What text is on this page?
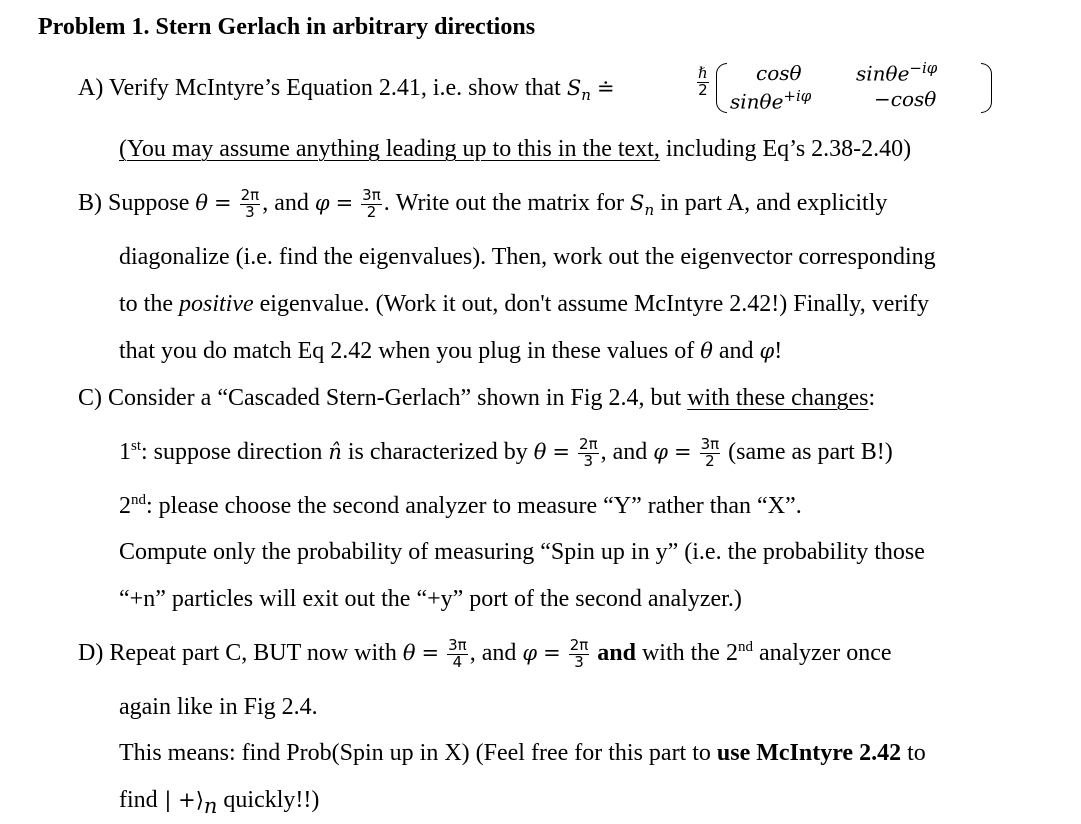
Problem 1. Stern Gerlach in arbitrary directions
A) Verify McIntyre’s Equation 2.41, i.e. show that $S_n$ ≐
ℏ
2
cosθ	sinθe$^{-i\varphi}$
sinθe$^{+i\varphi}$	−cosθ
(You may assume anything leading up to this in the text, including Eq’s 2.38-2.40)
B) Suppose $\theta = \frac{2\pi}{3}$ , and $\varphi = \frac{3\pi}{2}$ . Write out the matrix for $S_n$ in part A, and explicitly
diagonalize (i.e. find the eigenvalues). Then, work out the eigenvector corresponding
to the positive eigenvalue. (Work it out, don't assume McIntyre 2.42!) Finally, verify
that you do match Eq 2.42 when you plug in these values of θ and φ!
C) Consider a “Cascaded Stern-Gerlach” shown in Fig 2.4, but with these changes:
1st: suppose direction n̂ is characterized by $\theta = \frac{2\pi}{3}$ , and $\varphi = \frac{3\pi}{2}$ (same as part B!)
2nd: please choose the second analyzer to measure “Y” rather than “X”.
Compute only the probability of measuring “Spin up in y” (i.e. the probability those
“+n” particles will exit out the “+y” port of the second analyzer.)
D) Repeat part C, BUT now with $\theta = \frac{3\pi}{4}$ , and $\varphi = \frac{2\pi}{3}$ and with the 2nd analyzer once
again like in Fig 2.4.
This means: find Prob(Spin up in X) (Feel free for this part to use McIntyre 2.42 to
find | $+⟩_n$ quickly!!)
